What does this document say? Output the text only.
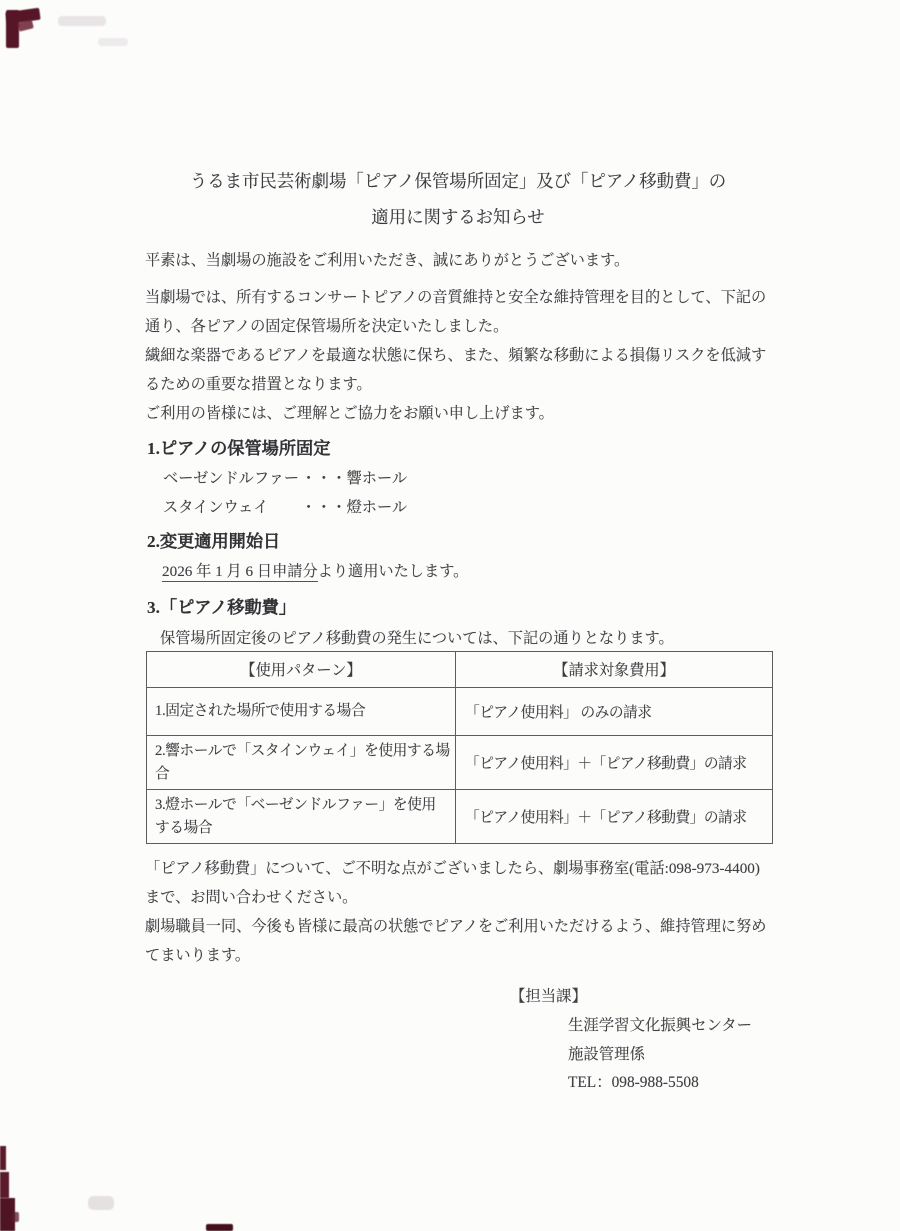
うるま市民芸術劇場「ピアノ保管場所固定」及び「ピアノ移動費」の
適用に関するお知らせ
平素は、当劇場の施設をご利用いただき、誠にありがとうございます。
当劇場では、所有するコンサートピアノの音質維持と安全な維持管理を目的として、下記の
通り、各ピアノの固定保管場所を決定いたしました。
繊細な楽器であるピアノを最適な状態に保ち、また、頻繁な移動による損傷リスクを低減す
るための重要な措置となります。
ご利用の皆様には、ご理解とご協力をお願い申し上げます。
1.ピアノの保管場所固定
ベーゼンドルファー ・・・響ホール
スタインウェイ ・・・燈ホール
2.変更適用開始日
2026 年 1 月 6 日申請分より適用いたします。
3.「ピアノ移動費」
保管場所固定後のピアノ移動費の発生については、下記の通りとなります。
【使用パターン】	【請求対象費用】
1.固定された場所で使用する場合	「ピアノ使用料」 のみの請求
2.響ホールで「スタインウェイ」を使用する場合	「ピアノ使用料」＋「ピアノ移動費」の請求
3.燈ホールで「ベーゼンドルファー」を使用する場合	「ピアノ使用料」＋「ピアノ移動費」の請求
「ピアノ移動費」について、ご不明な点がございましたら、劇場事務室(電話:098-973-4400)
まで、お問い合わせください。
劇場職員一同、今後も皆様に最高の状態でピアノをご利用いただけるよう、維持管理に努め
てまいります。
【担当課】
生涯学習文化振興センター
施設管理係
TEL：098-988-5508
